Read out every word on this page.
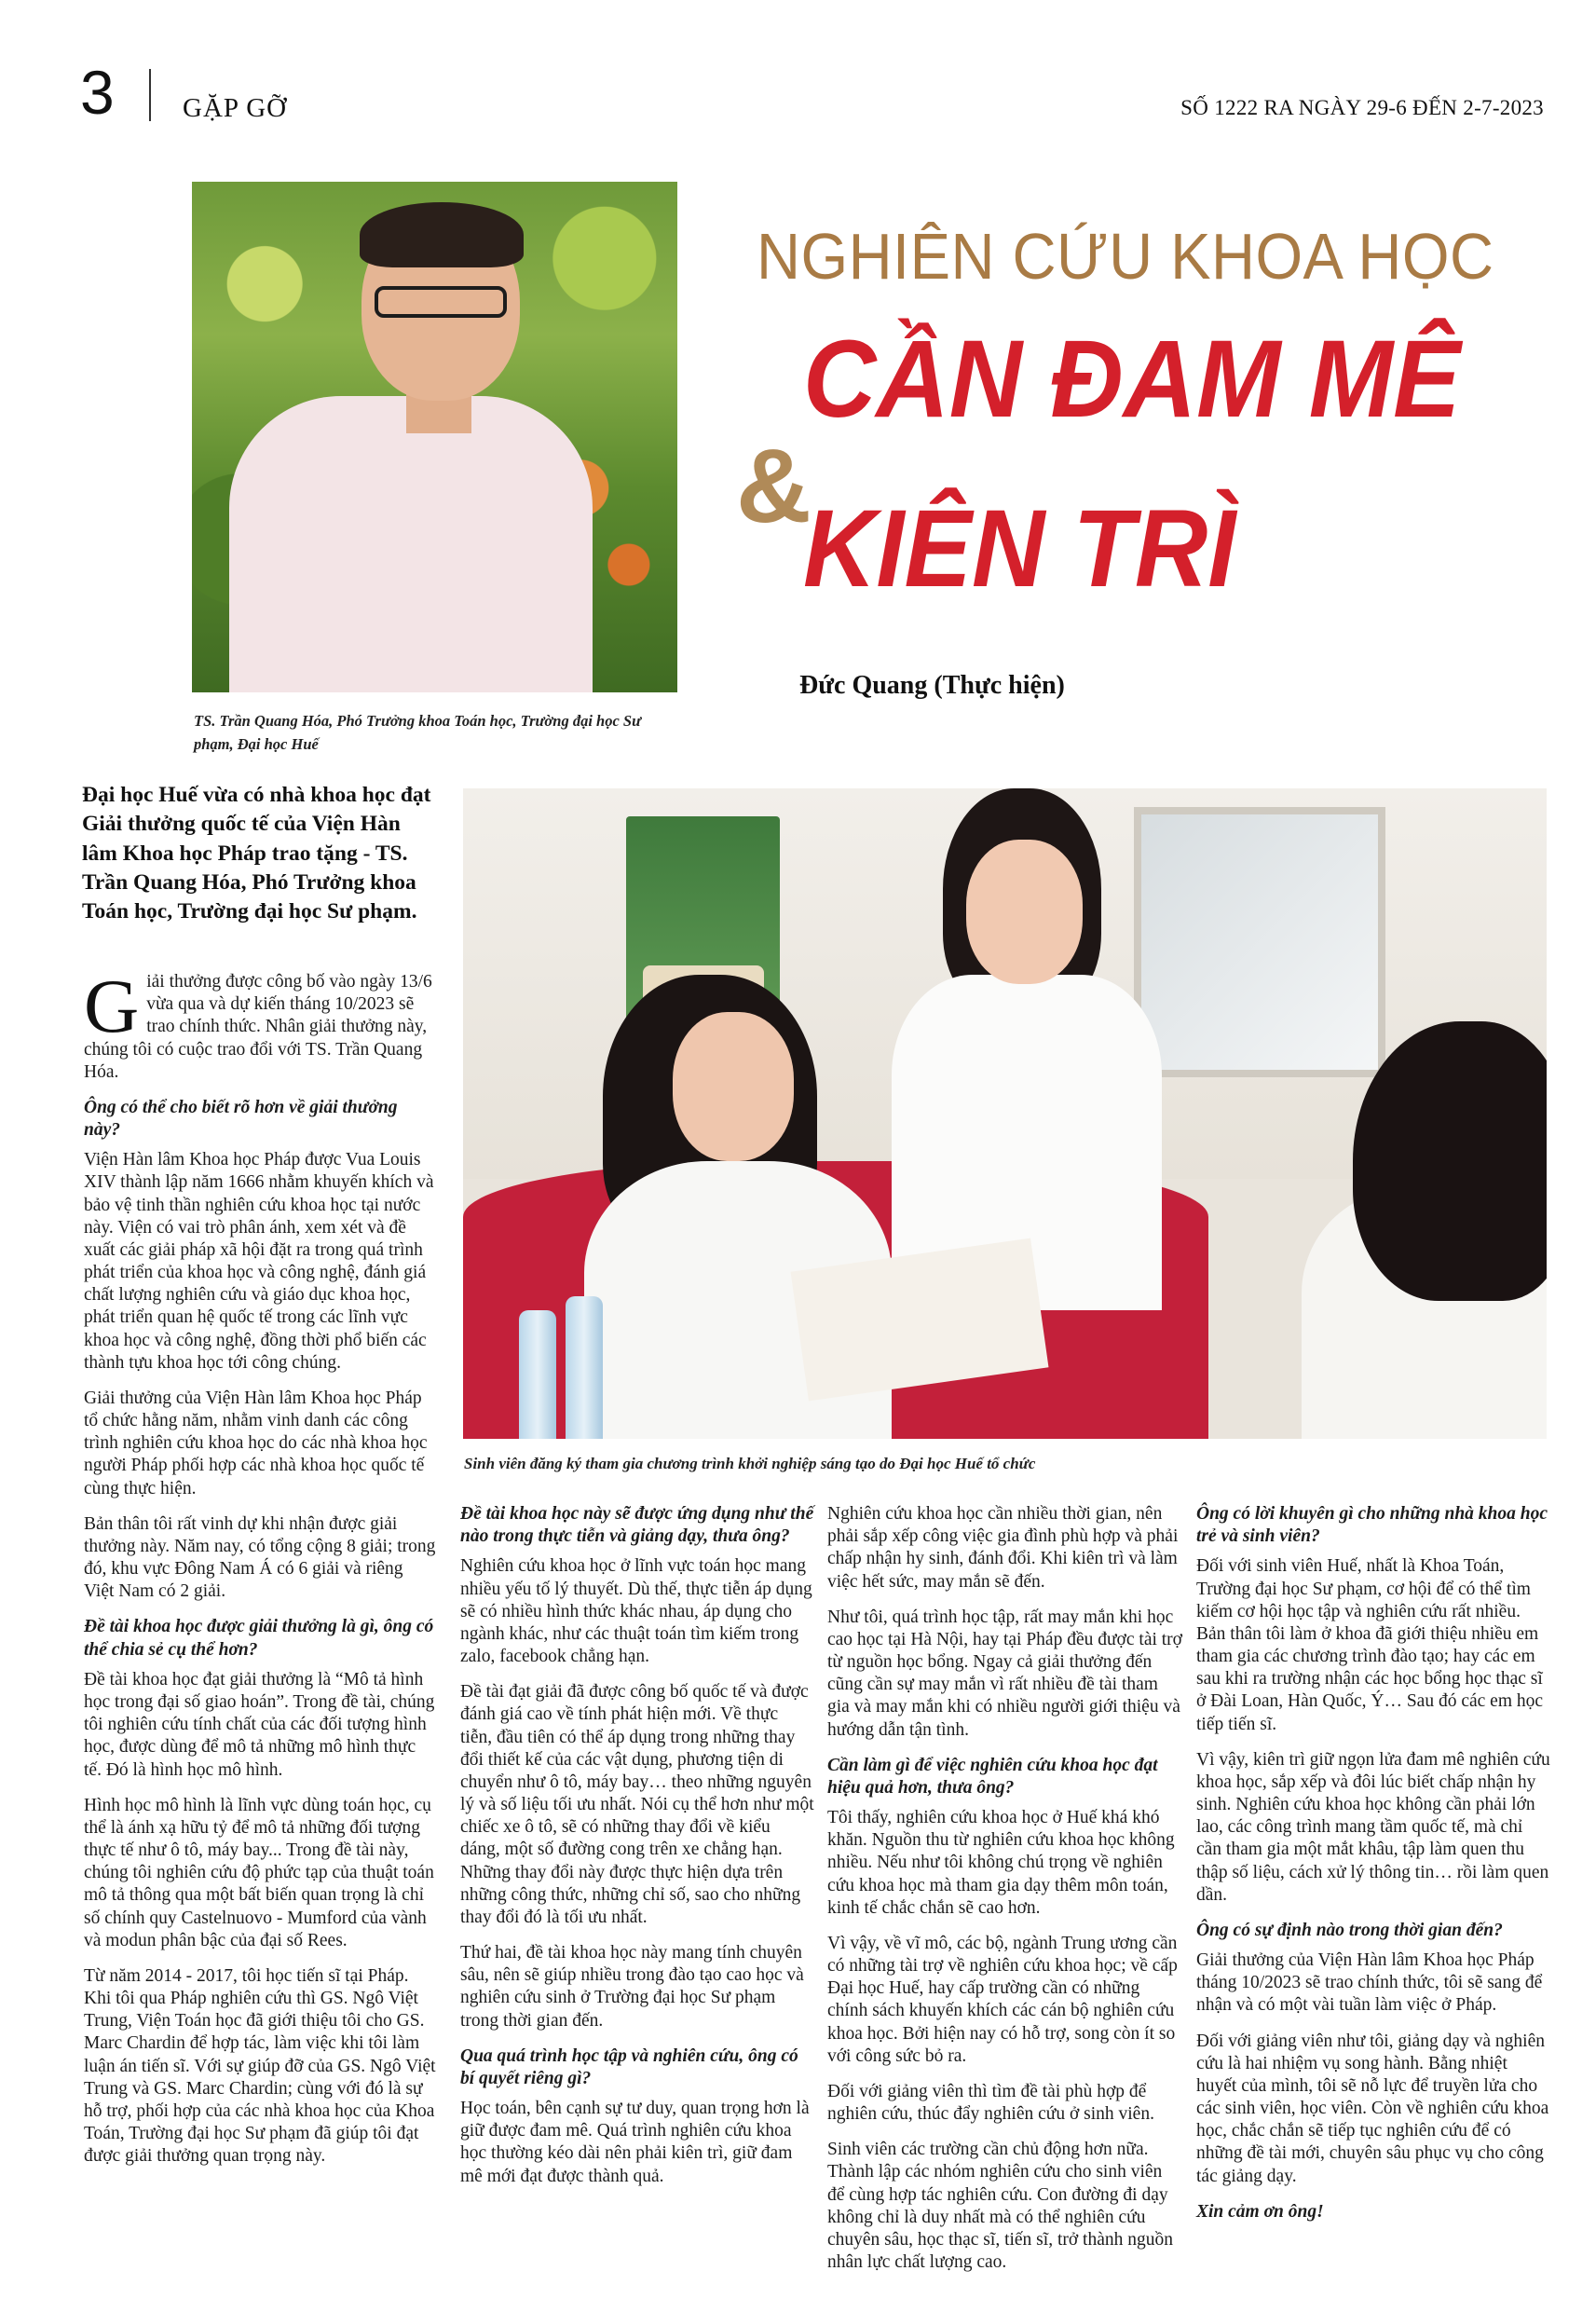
3	GẶP GỠ	SỐ 1222 RA NGÀY 29-6 ĐẾN 2-7-2023
TS. Trần Quang Hóa, Phó Trưởng khoa Toán học, Trường đại học Sư phạm, Đại học Huế
NGHIÊN CỨU KHOA HỌC
CẦN ĐAM MÊ
&
KIÊN TRÌ
Đức Quang (Thực hiện)
Đại học Huế vừa có nhà khoa học đạt Giải thưởng quốc tế của Viện Hàn lâm Khoa học Pháp trao tặng - TS. Trần Quang Hóa, Phó Trưởng khoa Toán học, Trường đại học Sư phạm.
Sinh viên đăng ký tham gia chương trình khởi nghiệp sáng tạo do Đại học Huế tổ chức

Giải thưởng được công bố vào ngày 13/6 vừa qua và dự kiến tháng 10/2023 sẽ trao chính thức. Nhân giải thưởng này, chúng tôi có cuộc trao đổi với TS. Trần Quang Hóa.

Ông có thể cho biết rõ hơn về giải thưởng này?

Viện Hàn lâm Khoa học Pháp được Vua Louis XIV thành lập năm 1666 nhằm khuyến khích và bảo vệ tinh thần nghiên cứu khoa học tại nước này. Viện có vai trò phân ánh, xem xét và đề xuất các giải pháp xã hội đặt ra trong quá trình phát triển của khoa học và công nghệ, đánh giá chất lượng nghiên cứu và giáo dục khoa học, phát triển quan hệ quốc tế trong các lĩnh vực khoa học và công nghệ, đồng thời phổ biến các thành tựu khoa học tới công chúng.

Giải thưởng của Viện Hàn lâm Khoa học Pháp tổ chức hằng năm, nhằm vinh danh các công trình nghiên cứu khoa học do các nhà khoa học người Pháp phối hợp các nhà khoa học quốc tế cùng thực hiện.

Bản thân tôi rất vinh dự khi nhận được giải thưởng này. Năm nay, có tổng cộng 8 giải; trong đó, khu vực Đông Nam Á có 6 giải và riêng Việt Nam có 2 giải.

Đề tài khoa học được giải thưởng là gì, ông có thể chia sẻ cụ thể hơn?

Đề tài khoa học đạt giải thưởng là “Mô tả hình học trong đại số giao hoán”. Trong đề tài, chúng tôi nghiên cứu tính chất của các đối tượng hình học, được dùng để mô tả những mô hình thực tế. Đó là hình học mô hình.

Hình học mô hình là lĩnh vực dùng toán học, cụ thể là ánh xạ hữu tỷ để mô tả những đối tượng thực tế như ô tô, máy bay... Trong đề tài này, chúng tôi nghiên cứu độ phức tạp của thuật toán mô tả thông qua một bất biến quan trọng là chỉ số chính quy Castelnuovo - Mumford của vành và modun phân bậc của đại số Rees.

Từ năm 2014 - 2017, tôi học tiến sĩ tại Pháp. Khi tôi qua Pháp nghiên cứu thì GS. Ngô Việt Trung, Viện Toán học đã giới thiệu tôi cho GS. Marc Chardin để hợp tác, làm việc khi tôi làm luận án tiến sĩ. Với sự giúp đỡ của GS. Ngô Việt Trung và GS. Marc Chardin; cùng với đó là sự hỗ trợ, phối hợp của các nhà khoa học của Khoa Toán, Trường đại học Sư phạm đã giúp tôi đạt được giải thưởng quan trọng này.

Đề tài khoa học này sẽ được ứng dụng như thế nào trong thực tiễn và giảng dạy, thưa ông?

Nghiên cứu khoa học ở lĩnh vực toán học mang nhiều yếu tố lý thuyết. Dù thế, thực tiễn áp dụng sẽ có nhiều hình thức khác nhau, áp dụng cho ngành khác, như các thuật toán tìm kiếm trong zalo, facebook chẳng hạn.

Đề tài đạt giải đã được công bố quốc tế và được đánh giá cao về tính phát hiện mới. Về thực tiễn, đầu tiên có thể áp dụng trong những thay đổi thiết kế của các vật dụng, phương tiện di chuyển như ô tô, máy bay… theo những nguyên lý và số liệu tối ưu nhất. Nói cụ thể hơn như một chiếc xe ô tô, sẽ có những thay đổi về kiểu dáng, một số đường cong trên xe chẳng hạn. Những thay đổi này được thực hiện dựa trên những công thức, những chỉ số, sao cho những thay đổi đó là tối ưu nhất.

Thứ hai, đề tài khoa học này mang tính chuyên sâu, nên sẽ giúp nhiều trong đào tạo cao học và nghiên cứu sinh ở Trường đại học Sư phạm trong thời gian đến.

Qua quá trình học tập và nghiên cứu, ông có bí quyết riêng gì?

Học toán, bên cạnh sự tư duy, quan trọng hơn là giữ được đam mê. Quá trình nghiên cứu khoa học thường kéo dài nên phải kiên trì, giữ đam mê mới đạt được thành quả.

Nghiên cứu khoa học cần nhiều thời gian, nên phải sắp xếp công việc gia đình phù hợp và phải chấp nhận hy sinh, đánh đổi. Khi kiên trì và làm việc hết sức, may mắn sẽ đến.

Như tôi, quá trình học tập, rất may mắn khi học cao học tại Hà Nội, hay tại Pháp đều được tài trợ từ nguồn học bổng. Ngay cả giải thưởng đến cũng cần sự may mắn vì rất nhiều đề tài tham gia và may mắn khi có nhiều người giới thiệu và hướng dẫn tận tình.

Cần làm gì để việc nghiên cứu khoa học đạt hiệu quả hơn, thưa ông?

Tôi thấy, nghiên cứu khoa học ở Huế khá khó khăn. Nguồn thu từ nghiên cứu khoa học không nhiều. Nếu như tôi không chú trọng về nghiên cứu khoa học mà tham gia dạy thêm môn toán, kinh tế chắc chắn sẽ cao hơn.

Vì vậy, về vĩ mô, các bộ, ngành Trung ương cần có những tài trợ về nghiên cứu khoa học; về cấp Đại học Huế, hay cấp trường cần có những chính sách khuyến khích các cán bộ nghiên cứu khoa học. Bởi hiện nay có hỗ trợ, song còn ít so với công sức bỏ ra.

Đối với giảng viên thì tìm đề tài phù hợp để nghiên cứu, thúc đẩy nghiên cứu ở sinh viên.

Sinh viên các trường cần chủ động hơn nữa. Thành lập các nhóm nghiên cứu cho sinh viên để cùng hợp tác nghiên cứu. Con đường đi dạy không chỉ là duy nhất mà có thể nghiên cứu chuyên sâu, học thạc sĩ, tiến sĩ, trở thành nguồn nhân lực chất lượng cao.

Ông có lời khuyên gì cho những nhà khoa học trẻ và sinh viên?

Đối với sinh viên Huế, nhất là Khoa Toán, Trường đại học Sư phạm, cơ hội để có thể tìm kiếm cơ hội học tập và nghiên cứu rất nhiều. Bản thân tôi làm ở khoa đã giới thiệu nhiều em tham gia các chương trình đào tạo; hay các em sau khi ra trường nhận các học bổng học thạc sĩ ở Đài Loan, Hàn Quốc, Ý… Sau đó các em học tiếp tiến sĩ.

Vì vậy, kiên trì giữ ngọn lửa đam mê nghiên cứu khoa học, sắp xếp và đôi lúc biết chấp nhận hy sinh. Nghiên cứu khoa học không cần phải lớn lao, các công trình mang tầm quốc tế, mà chỉ cần tham gia một mắt khâu, tập làm quen thu thập số liệu, cách xử lý thông tin… rồi làm quen dần.

Ông có sự định nào trong thời gian đến?

Giải thưởng của Viện Hàn lâm Khoa học Pháp tháng 10/2023 sẽ trao chính thức, tôi sẽ sang để nhận và có một vài tuần làm việc ở Pháp.

Đối với giảng viên như tôi, giảng dạy và nghiên cứu là hai nhiệm vụ song hành. Bằng nhiệt huyết của mình, tôi sẽ nỗ lực để truyền lửa cho các sinh viên, học viên. Còn về nghiên cứu khoa học, chắc chắn sẽ tiếp tục nghiên cứu để có những đề tài mới, chuyên sâu phục vụ cho công tác giảng dạy.

Xin cảm ơn ông!
